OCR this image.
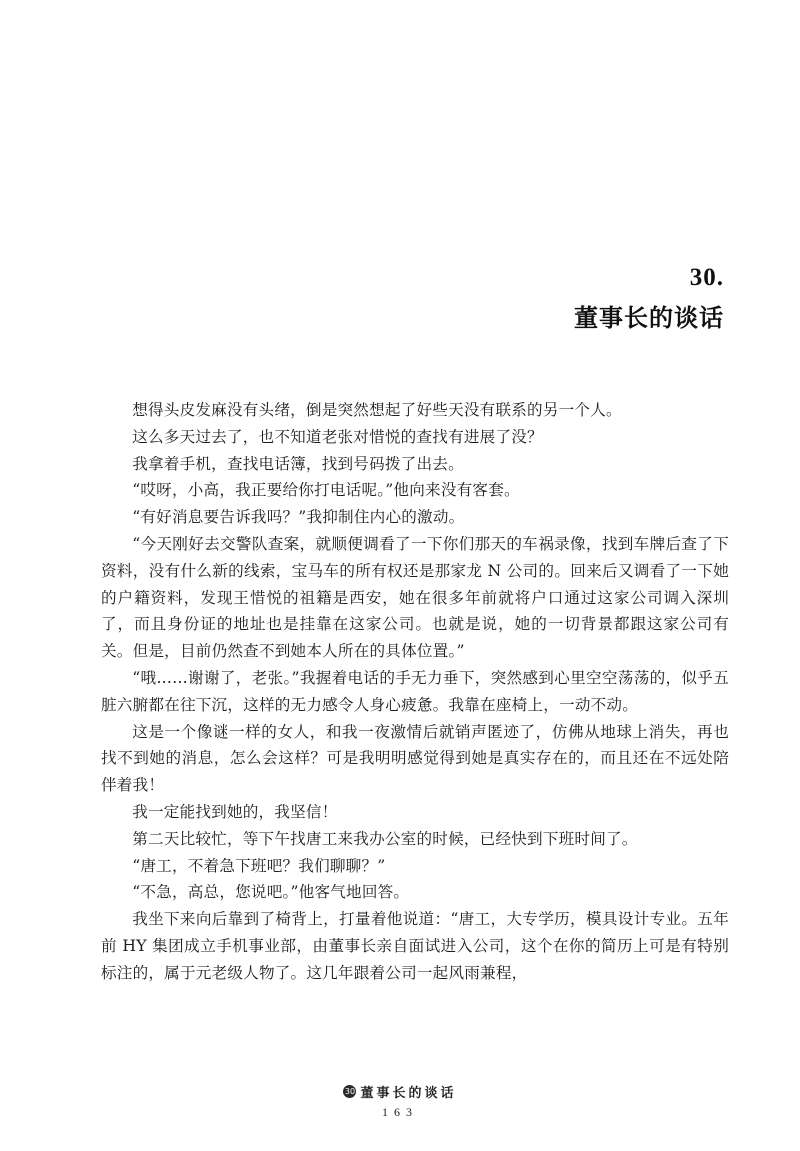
30.
董事长的谈话

想得头皮发麻没有头绪，倒是突然想起了好些天没有联系的另一个人。

这么多天过去了，也不知道老张对惜悦的查找有进展了没？

我拿着手机，查找电话簿，找到号码拨了出去。

“哎呀，小高，我正要给你打电话呢。”他向来没有客套。

“有好消息要告诉我吗？”我抑制住内心的激动。

“今天刚好去交警队查案，就顺便调看了一下你们那天的车祸录像，找到车牌后查了下资料，没有什么新的线索，宝马车的所有权还是那家龙 N 公司的。回来后又调看了一下她的户籍资料，发现王惜悦的祖籍是西安，她在很多年前就将户口通过这家公司调入深圳了，而且身份证的地址也是挂靠在这家公司。也就是说，她的一切背景都跟这家公司有关。但是，目前仍然查不到她本人所在的具体位置。”

“哦……谢谢了，老张。”我握着电话的手无力垂下，突然感到心里空空荡荡的，似乎五脏六腑都在往下沉，这样的无力感令人身心疲惫。我靠在座椅上，一动不动。

这是一个像谜一样的女人，和我一夜激情后就销声匿迹了，仿佛从地球上消失，再也找不到她的消息，怎么会这样？可是我明明感觉得到她是真实存在的，而且还在不远处陪伴着我！

我一定能找到她的，我坚信！

第二天比较忙，等下午找唐工来我办公室的时候，已经快到下班时间了。

“唐工，不着急下班吧？我们聊聊？”

“不急，高总，您说吧。”他客气地回答。

我坐下来向后靠到了椅背上，打量着他说道：“唐工，大专学历，模具设计专业。五年前 HY 集团成立手机事业部，由董事长亲自面试进入公司，这个在你的简历上可是有特别标注的，属于元老级人物了。这几年跟着公司一起风雨兼程，

30 董事长的谈话
163
